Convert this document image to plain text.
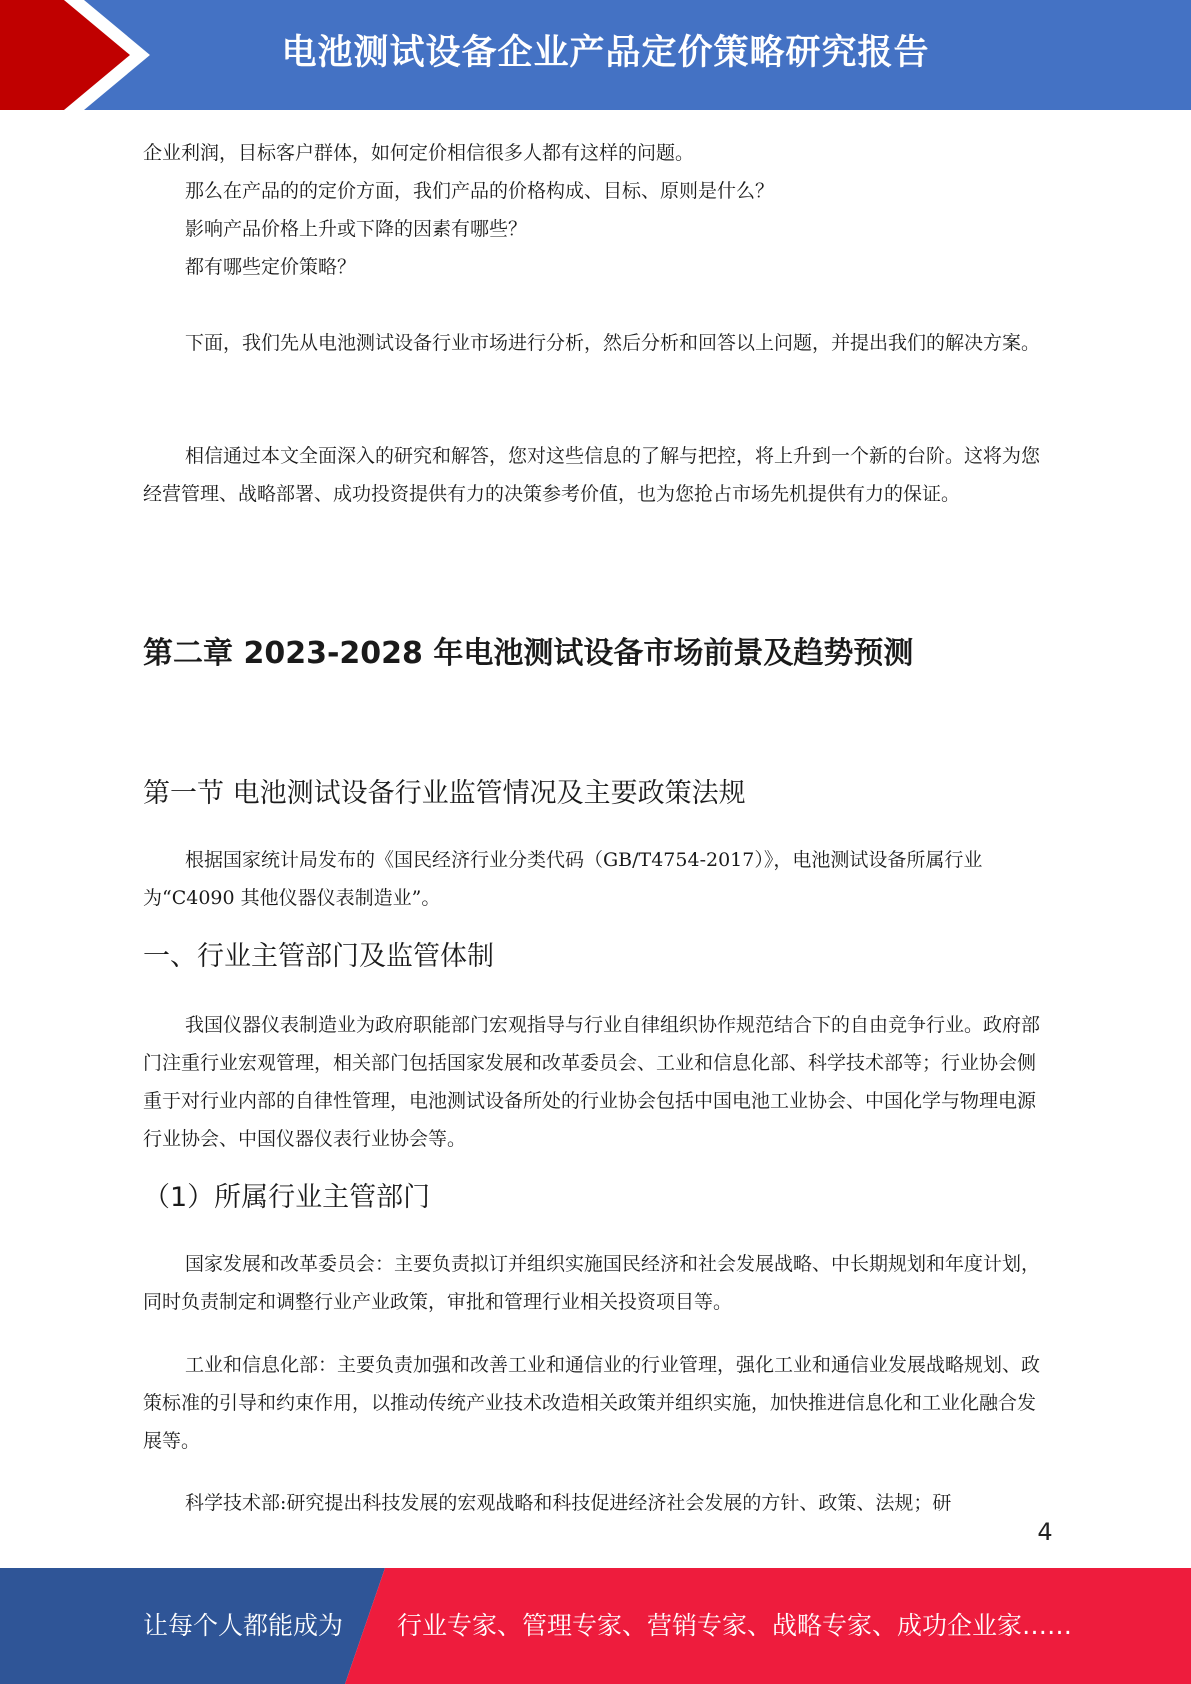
电池测试设备企业产品定价策略研究报告

企业利润，目标客户群体，如何定价相信很多人都有这样的问题。

那么在产品的的定价方面，我们产品的价格构成、目标、原则是什么？

影响产品价格上升或下降的因素有哪些？

都有哪些定价策略？

下面，我们先从电池测试设备行业市场进行分析，然后分析和回答以上问题，并提出我们的解决方案。

相信通过本文全面深入的研究和解答，您对这些信息的了解与把控，将上升到一个新的台阶。这将为您经营管理、战略部署、成功投资提供有力的决策参考价值，也为您抢占市场先机提供有力的保证。

第二章 2023-2028 年电池测试设备市场前景及趋势预测
第一节 电池测试设备行业监管情况及主要政策法规

根据国家统计局发布的《国民经济行业分类代码（GB/T4754-2017）》，电池测试设备所属行业为“C4090 其他仪器仪表制造业”。

一、行业主管部门及监管体制

我国仪器仪表制造业为政府职能部门宏观指导与行业自律组织协作规范结合下的自由竞争行业。政府部门注重行业宏观管理，相关部门包括国家发展和改革委员会、工业和信息化部、科学技术部等；行业协会侧重于对行业内部的自律性管理，电池测试设备所处的行业协会包括中国电池工业协会、中国化学与物理电源行业协会、中国仪器仪表行业协会等。

（1）所属行业主管部门

国家发展和改革委员会：主要负责拟订并组织实施国民经济和社会发展战略、中长期规划和年度计划，同时负责制定和调整行业产业政策，审批和管理行业相关投资项目等。

工业和信息化部：主要负责加强和改善工业和通信业的行业管理，强化工业和通信业发展战略规划、政策标准的引导和约束作用，以推动传统产业技术改造相关政策并组织实施，加快推进信息化和工业化融合发展等。

科学技术部:研究提出科技发展的宏观战略和科技促进经济社会发展的方针、政策、法规；研

4
让每个人都能成为 行业专家、管理专家、营销专家、战略专家、成功企业家……
